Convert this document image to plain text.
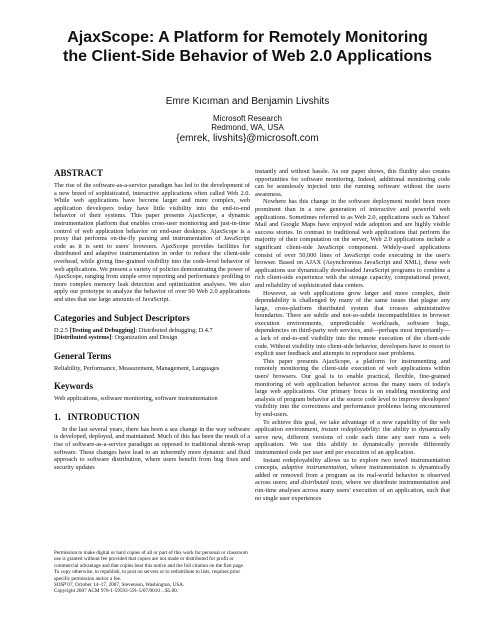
AjaxScope: A Platform for Remotely Monitoring
the Client-Side Behavior of Web 2.0 Applications
Emre Kıcıman and Benjamin Livshits
Microsoft Research
Redmond, WA, USA
{emrek, livshits}@microsoft.com
ABSTRACT

The rise of the software-as-a-service paradigm has led to the development of a new breed of sophisticated, interactive applications often called Web 2.0. While web applications have become larger and more complex, web application developers today have little visibility into the end-to-end behavior of their systems. This paper presents AjaxScope, a dynamic instrumentation platform that enables cross-user monitoring and just-in-time control of web application behavior on end-user desktops. AjaxScope is a proxy that performs on-the-fly parsing and instrumentation of JavaScript code as it is sent to users' browsers. AjaxScope provides facilities for distributed and adaptive instrumentation in order to reduce the client-side overhead, while giving fine-grained visibility into the code-level behavior of web applications. We present a variety of policies demonstrating the power of AjaxScope, ranging from simple error reporting and performance profiling to more complex memory leak detection and optimization analyses. We also apply our prototype to analyze the behavior of over 90 Web 2.0 applications and sites that use large amounts of JavaScript.

Categories and Subject Descriptors

D.2.5 [Testing and Debugging]: Distributed debugging; D.4.7
[Distributed systems]: Organization and Design

General Terms

Reliability, Performance, Measurement, Management, Languages

Keywords

Web applications, software monitoring, software instrumentation

1.   INTRODUCTION

In the last several years, there has been a sea change in the way software is developed, deployed, and maintained. Much of this has been the result of a rise of software-as-a-service paradigm as opposed to traditional shrink-wrap software. These changes have lead to an inherently more dynamic and fluid approach to software distribution, where users benefit from bug fixes and security updates

Permission to make digital or hard copies of all or part of this work for personal or classroom use is granted without fee provided that copies are not made or distributed for profit or commercial advantage and that copies bear this notice and the full citation on the first page. To copy otherwise, to republish, to post on servers or to redistribute to lists, requires prior specific permission and/or a fee.

SOSP'07, October 14–17, 2007, Stevenson, Washington, USA.

Copyright 2007 ACM 978-1-59593-591-5/07/0010 ...$5.00.

instantly and without hassle. As our paper shows, this fluidity also creates opportunities for software monitoring. Indeed, additional monitoring code can be seamlessly injected into the running software without the users awareness.

Nowhere has this change in the software deployment model been more prominent than in a new generation of interactive and powerful web applications. Sometimes referred to as Web 2.0, applications such as Yahoo! Mail and Google Maps have enjoyed wide adoption and are highly visible success stories. In contrast to traditional web applications that perform the majority of their computation on the server, Web 2.0 applications include a significant client-side JavaScript component. Widely-used applications consist of over 50,000 lines of JavaScript code executing in the user's browser. Based on AJAX (Asynchronous JavaScript and XML), these web applications use dynamically downloaded JavaScript programs to combine a rich client-side experience with the storage capacity, computational power, and reliability of sophisticated data centers.

However, as web applications grow larger and more complex, their dependability is challenged by many of the same issues that plague any large, cross-platform distributed system that crosses administrative boundaries. There are subtle and not-so-subtle incompatibilities in browser execution environments, unpredictable workloads, software bugs, dependencies on third-party web services, and—perhaps most importantly—a lack of end-to-end visibility into the remote execution of the client-side code. Without visibility into client-side behavior, developers have to resort to explicit user feedback and attempts to reproduce user problems.

This paper presents AjaxScope, a platform for instrumenting and remotely monitoring the client-side execution of web applications within users' browsers. Our goal is to enable practical, flexible, fine-grained monitoring of web application behavior across the many users of today's large web applications. Our primary focus is on enabling monitoring and analysis of program behavior at the source code level to improve developers' visibility into the correctness and performance problems being encountered by end-users.

To achieve this goal, we take advantage of a new capability of the web application environment, instant redeployability: the ability to dynamically serve new, different versions of code each time any user runs a web application. We use this ability to dynamically provide differently instrumented code per user and per execution of an application.

Instant redeployability allows us to explore two novel instrumentation concepts, adaptive instrumentation, where instrumentation is dynamically added or removed from a program as its real-world behavior is observed across users; and distributed tests, where we distribute instrumentation and run-time analyses across many users' execution of an application, such that no single user experiences
